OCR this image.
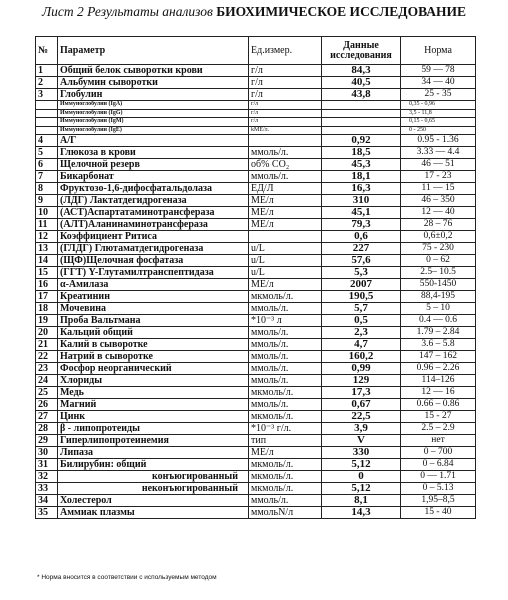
Лист 2 Результаты анализов БИОХИМИЧЕСКОЕ ИССЛЕДОВАНИЕ
№	Параметр	Ед.измер.	Данные исследования	Норма
1	Общий белок сыворотки крови	г/л	84,3	59 — 78
2	Альбумин сыворотки	г/л	40,5	34 — 40
3	Глобулин	г/л	43,8	25 - 35
	Иммуноглобулин (IgA)	г/л		0,35 - 0,96
	Иммуноглобулин (IgG)	г/л		3,5 - 11,8
	Иммуноглобулин (IgM)	г/л		0,15 - 0,65
	Иммуноглобулин (IgE)	kME/л.		0 - 250
4	А/Г		0,92	0.95 - 1.36
5	Глюкоза в крови	ммоль/л.	18,5	3.33 — 4.4
6	Щелочной резерв	об% CO₂	45,3	46 — 51
7	Бикарбонат	ммоль/л.	18,1	17 - 23
8	Фруктозо-1,6-дифосфатальдолаза	ЕД/Л	16,3	11 — 15
9	(ЛДГ) Лактатдегидрогеназа	МЕ/л	310	46 – 350
10	(АСТ)Аспартатаминотрансфераза	МЕ/л	45,1	12 — 40
11	(АЛТ)Аланинаминотрансфераза	МЕ/л	79,3	28 – 76
12	Коэффициент Ритиса		0,6	0,6±0,2
13	(ГЛДГ) Глютаматдегидрогеназа	u/L	227	75 - 230
14	(ЩФ)Щелочная фосфатаза	u/L	57,6	0 – 62
15	(ГГТ) Y-Глутамилтранспептидаза	u/L	5,3	2.5– 10.5
16	α-Амилаза	МЕ/л	2007	550-1450
17	Креатинин	мкмоль/л.	190,5	88,4-195
18	Мочевина	ммоль/л.	5,7	5 – 10
19	Проба Вальтмана	*10⁻³ л	0,5	0.4 — 0.6
20	Кальций общий	ммоль/л.	2,3	1.79 – 2.84
21	Калий в сыворотке	ммоль/л.	4,7	3.6 – 5.8
22	Натрий в сыворотке	ммоль/л.	160,2	147 – 162
23	Фосфор неорганический	ммоль/л.	0,99	0.96 – 2.26
24	Хлориды	ммоль/л.	129	114–126
25	Медь	мкмоль/л.	17,3	12 — 16
26	Магний	ммоль/л.	0,67	0.66 – 0.86
27	Цинк	мкмоль/л.	22,5	15 - 27
28	β - липопротеиды	*10⁻³ г/л.	3,9	2.5 – 2.9
29	Гиперлипопротеинемия	тип	V	нет
30	Липаза	МЕ/л	330	0 – 700
31	Билирубин: общий	мкмоль/л.	5,12	0 – 6.84
32	конъюгированный	мкмоль/л.	0	0 — 1.71
33	неконъюгированный	мкмоль/л.	5,12	0 – 5.13
34	Холестерол	ммоль/л.	8,1	1,95–8,5
35	Аммиак плазмы	ммольN/л	14,3	15 - 40
* Норма вносится в соответствии с используемым методом
